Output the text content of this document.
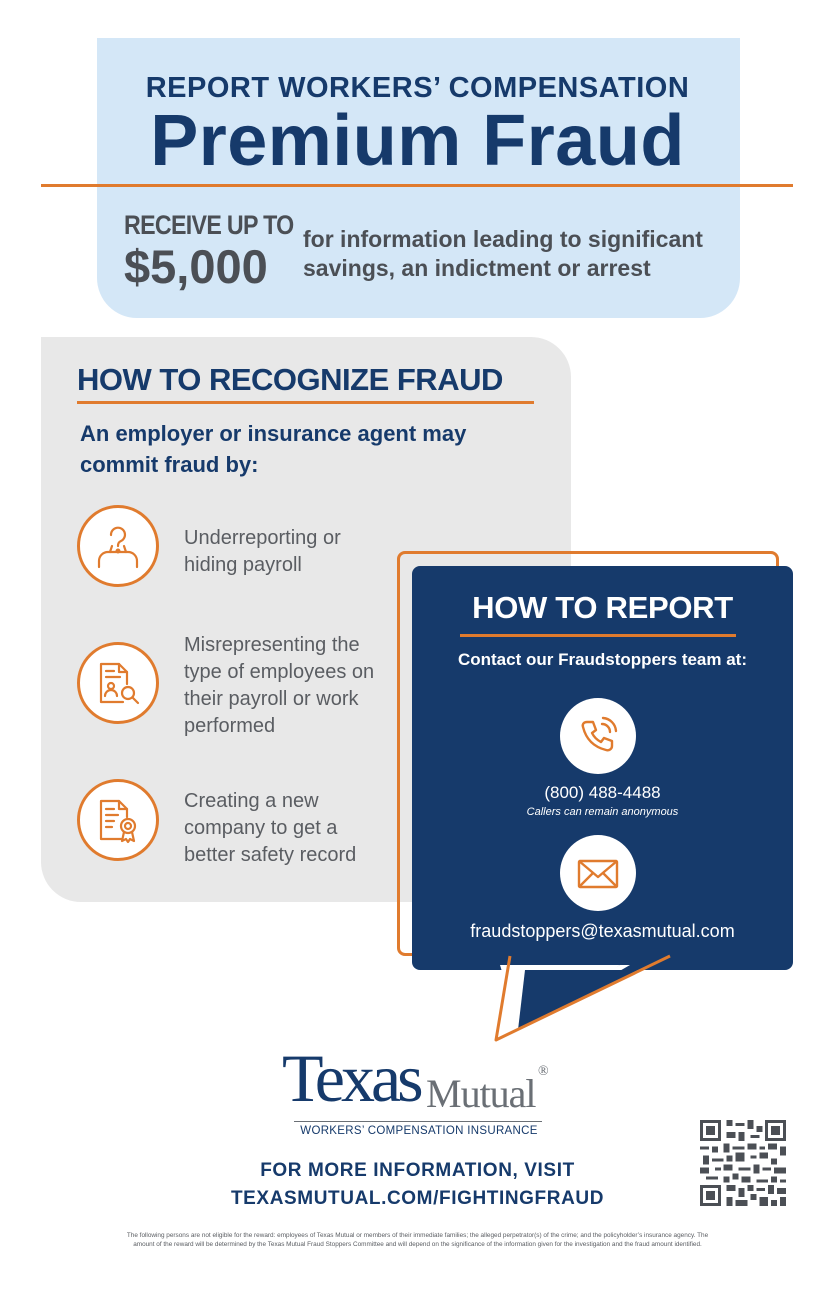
REPORT WORKERS’ COMPENSATION
Premium Fraud
RECEIVE UP TO
$5,000
for information leading to significant savings, an indictment or arrest
HOW TO RECOGNIZE FRAUD
An employer or insurance agent may commit fraud by:
Underreporting or hiding payroll
Misrepresenting the type of employees on their payroll or work performed
Creating a new company to get a better safety record
HOW TO REPORT
Contact our Fraudstoppers team at:
(800) 488-4488
Callers can remain anonymous
fraudstoppers@texasmutual.com
Texas Mutual ®
WORKERS’ COMPENSATION INSURANCE
FOR MORE INFORMATION, VISIT
TEXASMUTUAL.COM/FIGHTINGFRAUD
The following persons are not eligible for the reward: employees of Texas Mutual or members of their immediate families; the alleged perpetrator(s) of the crime; and the policyholder’s insurance agency. The amount of the reward will be determined by the Texas Mutual Fraud Stoppers Committee and will depend on the significance of the information given for the investigation and the fraud amount identified.
